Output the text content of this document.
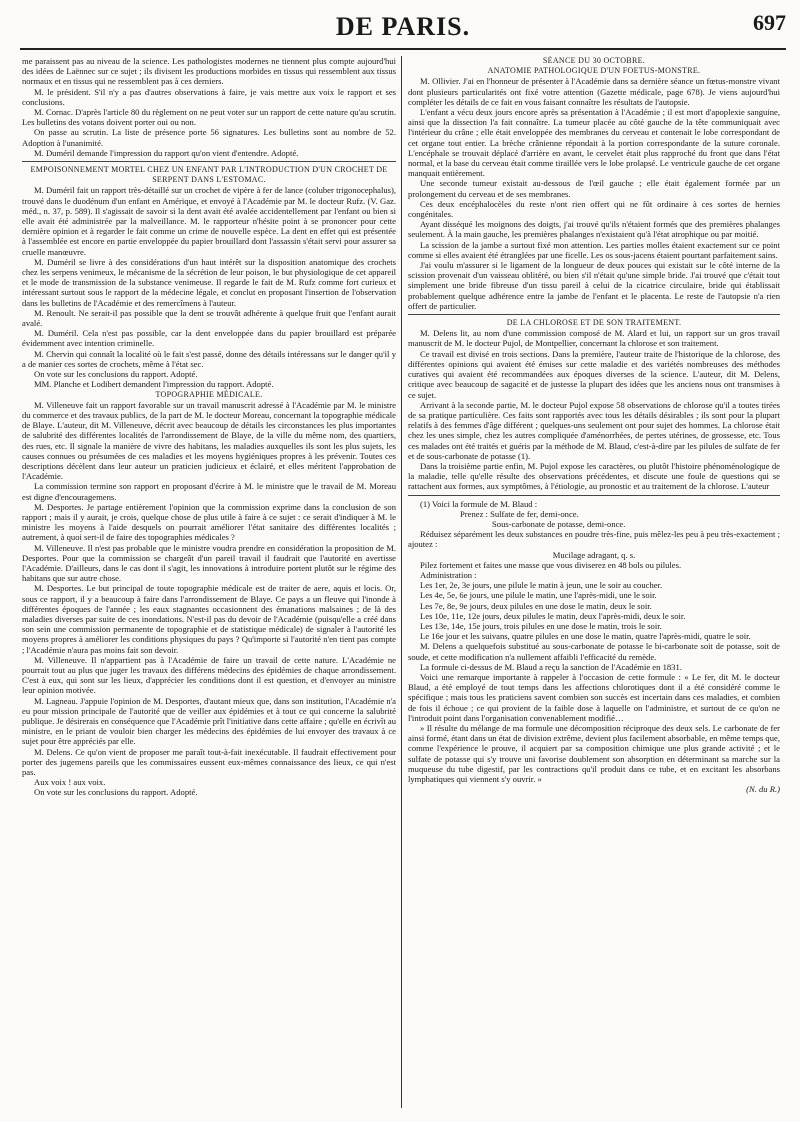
DE PARIS.	697

me paraissent pas au niveau de la science. Les pathologistes modernes ne tiennent plus compte aujourd'hui des idées de Laënnec sur ce sujet ; ils divisent les productions morbides en tissus qui ressemblent aux tissus normaux et en tissus qui ne ressemblent pas à ces derniers.

M. le président. S'il n'y a pas d'autres observations à faire, je vais mettre aux voix le rapport et ses conclusions.

M. Cornac. D'après l'article 80 du règlement on ne peut voter sur un rapport de cette nature qu'au scrutin. Les bulletins des votans doivent porter oui ou non.

On passe au scrutin. La liste de présence porte 56 signatures. Les bulletins sont au nombre de 52. Adoption à l'unanimité.

M. Duméril demande l'impression du rapport qu'on vient d'entendre. Adopté.

EMPOISONNEMENT MORTEL CHEZ UN ENFANT PAR L'INTRODUCTION D'UN CROCHET DE SERPENT DANS L'ESTOMAC.

M. Duméril fait un rapport très-détaillé sur un crochet de vipère à fer de lance (coluber trigonocephalus), trouvé dans le duodénum d'un enfant en Amérique, et envoyé à l'Académie par M. le docteur Rufz. (V. Gaz. méd., n. 37, p. 589). Il s'agissait de savoir si la dent avait été avalée accidentellement par l'enfant ou bien si elle avait été administrée par la malveillance. M. le rapporteur n'hésite point à se prononcer pour cette dernière opinion et à regarder le fait comme un crime de nouvelle espèce. La dent en effet qui est présentée à l'assemblée est encore en partie enveloppée du papier brouillard dont l'assassin s'était servi pour assurer sa cruelle manœuvre.

M. Duméril se livre à des considérations d'un haut intérêt sur la disposition anatomique des crochets chez les serpens venimeux, le mécanisme de la sécrétion de leur poison, le but physiologique de cet appareil et le mode de transmission de la substance venimeuse. Il regarde le fait de M. Rufz comme fort curieux et intéressant surtout sous le rapport de la médecine légale, et conclut en proposant l'insertion de l'observation dans les bulletins de l'Académie et des remercîmens à l'auteur.

M. Renoult. Ne serait-il pas possible que la dent se trouvât adhérente à quelque fruit que l'enfant aurait avalé.

M. Duméril. Cela n'est pas possible, car la dent enveloppée dans du papier brouillard est préparée évidemment avec intention criminelle.

M. Chervin qui connaît la localité où le fait s'est passé, donne des détails intéressans sur le danger qu'il y a de manier ces sortes de crochets, même à l'état sec.

On vote sur les conclusions du rapport. Adopté.

MM. Planche et Lodibert demandent l'impression du rapport. Adopté.

TOPOGRAPHIE MÉDICALE.

M. Villeneuve fait un rapport favorable sur un travail manuscrit adressé à l'Académie par M. le ministre du commerce et des travaux publics, de la part de M. le docteur Moreau, concernant la topographie médicale de Blaye. L'auteur, dit M. Villeneuve, décrit avec beaucoup de détails les circonstances les plus importantes de salubrité des différentes localités de l'arrondissement de Blaye, de la ville du même nom, des quartiers, des rues, etc. Il signale la manière de vivre des habitans, les maladies auxquelles ils sont les plus sujets, les causes connues ou présumées de ces maladies et les moyens hygiéniques propres à les prévenir. Toutes ces descriptions décèlent dans leur auteur un praticien judicieux et éclairé, et elles méritent l'approbation de l'Académie.

La commission termine son rapport en proposant d'écrire à M. le ministre que le travail de M. Moreau est digne d'encouragemens.

M. Desportes. Je partage entièrement l'opinion que la commission exprime dans la conclusion de son rapport ; mais il y aurait, je crois, quelque chose de plus utile à faire à ce sujet : ce serait d'indiquer à M. le ministre les moyens à l'aide desquels on pourrait améliorer l'état sanitaire des différentes localités ; autrement, à quoi sert-il de faire des topographies médicales ?

M. Villeneuve. Il n'est pas probable que le ministre voudra prendre en considération la proposition de M. Desportes. Pour que la commission se chargeât d'un pareil travail il faudrait que l'autorité en avertisse l'Académie. D'ailleurs, dans le cas dont il s'agit, les innovations à introduire portent plutôt sur le régime des habitans que sur autre chose.

M. Desportes. Le but principal de toute topographie médicale est de traiter de aere, aquis et locis. Or, sous ce rapport, il y a beaucoup à faire dans l'arrondissement de Blaye. Ce pays a un fleuve qui l'inonde à différentes époques de l'année ; les eaux stagnantes occasionnent des émanations malsaines ; de là des maladies diverses par suite de ces inondations. N'est-il pas du devoir de l'Académie (puisqu'elle a créé dans son sein une commission permanente de topographie et de statistique médicale) de signaler à l'autorité les moyens propres à améliorer les conditions physiques du pays ? Qu'importe si l'autorité n'en tient pas compte ; l'Académie n'aura pas moins fait son devoir.

M. Villeneuve. Il n'appartient pas à l'Académie de faire un travail de cette nature. L'Académie ne pourrait tout au plus que juger les travaux des différens médecins des épidémies de chaque arrondissement. C'est à eux, qui sont sur les lieux, d'apprécier les conditions dont il est question, et d'envoyer au ministre leur opinion motivée.

M. Lagneau. J'appuie l'opinion de M. Desportes, d'autant mieux que, dans son institution, l'Académie n'a eu pour mission principale de l'autorité que de veiller aux épidémies et à tout ce qui concerne la salubrité publique. Je désirerais en conséquence que l'Académie prît l'initiative dans cette affaire ; qu'elle en écrivît au ministre, en le priant de vouloir bien charger les médecins des épidémies de lui envoyer des travaux à ce sujet pour être appréciés par elle.

M. Delens. Ce qu'on vient de proposer me paraît tout-à-fait inexécutable. Il faudrait effectivement pour porter des jugemens pareils que les commissaires eussent eux-mêmes connaissance des lieux, ce qui n'est pas.

Aux voix ! aux voix.

On vote sur les conclusions du rapport. Adopté.

SÉANCE DU 30 OCTOBRE.

ANATOMIE PATHOLOGIQUE D'UN FOETUS-MONSTRE.

M. Ollivier. J'ai en l'honneur de présenter à l'Académie dans sa dernière séance un fœtus-monstre vivant dont plusieurs particularités ont fixé votre attention (Gazette médicale, page 678). Je viens aujourd'hui compléter les détails de ce fait en vous faisant connaître les résultats de l'autopsie.

L'enfant a vécu deux jours encore après sa présentation à l'Académie ; il est mort d'apoplexie sanguine, ainsi que la dissection l'a fait connaître. La tumeur placée au côté gauche de la tête communiquait avec l'intérieur du crâne ; elle était enveloppée des membranes du cerveau et contenait le lobe correspondant de cet organe tout entier. La brèche crânienne répondait à la portion correspondante de la suture coronale. L'encéphale se trouvait déplacé d'arrière en avant, le cervelet était plus rapproché du front que dans l'état normal, et la base du cerveau était comme tiraillée vers le lobe prolapsé. Le ventricule gauche de cet organe manquait entièrement.

Une seconde tumeur existait au-dessous de l'œil gauche ; elle était également formée par un prolongement du cerveau et de ses membranes.

Ces deux encéphalocèles du reste n'ont rien offert qui ne fût ordinaire à ces sortes de hernies congénitales.

Ayant disséqué les moignons des doigts, j'ai trouvé qu'ils n'étaient formés que des premières phalanges seulement. À la main gauche, les premières phalanges n'existaient qu'à l'état atrophique ou par moitié.

La scission de la jambe a surtout fixé mon attention. Les parties molles étaient exactement sur ce point comme si elles avaient été étranglées par une ficelle. Les os sous-jacens étaient pourtant parfaitement sains.

J'ai voulu m'assurer si le ligament de la longueur de deux pouces qui existait sur le côté interne de la scission provenait d'un vaisseau oblitéré, ou bien s'il n'était qu'une simple bride. J'ai trouvé que c'était tout simplement une bride fibreuse d'un tissu pareil à celui de la cicatrice circulaire, bride qui établissait probablement quelque adhérence entre la jambe de l'enfant et le placenta. Le reste de l'autopsie n'a rien offert de particulier.

DE LA CHLOROSE ET DE SON TRAITEMENT.

M. Delens lit, au nom d'une commission composé de M. Alard et lui, un rapport sur un gros travail manuscrit de M. le docteur Pujol, de Montpellier, concernant la chlorose et son traitement.

Ce travail est divisé en trois sections. Dans la première, l'auteur traite de l'historique de la chlorose, des différentes opinions qui avaient été émises sur cette maladie et des variétés nombreuses des méthodes curatives qui avaient été recommandées aux époques diverses de la science. L'auteur, dit M. Delens, critique avec beaucoup de sagacité et de justesse la plupart des idées que les anciens nous ont transmises à ce sujet.

Arrivant à la seconde partie, M. le docteur Pujol expose 58 observations de chlorose qu'il a toutes tirées de sa pratique particulière. Ces faits sont rapportés avec tous les détails désirables ; ils sont pour la plupart relatifs à des femmes d'âge différent ; quelques-uns seulement ont pour sujet des hommes. La chlorose était chez les unes simple, chez les autres compliquée d'aménorrhées, de pertes utérines, de grossesse, etc. Tous ces malades ont été traités et guéris par la méthode de M. Blaud, c'est-à-dire par les pilules de sulfate de fer et de sous-carbonate de potasse (1).

Dans la troisième partie enfin, M. Pujol expose les caractères, ou plutôt l'histoire phénoménologique de la maladie, telle qu'elle résulte des observations précédentes, et discute une foule de questions qui se rattachent aux formes, aux symptômes, à l'étiologie, au pronostic et au traitement de la chlorose. L'auteur

(1) Voici la formule de M. Blaud :

Prenez : Sulfate de fer, demi-once.

Sous-carbonate de potasse, demi-once.

Réduisez séparément les deux substances en poudre très-fine, puis mêlez-les peu à peu très-exactement ; ajoutez :

Mucilage adragant, q. s.

Pilez fortement et faites une masse que vous diviserez en 48 bols ou pilules.

Administration :

Les 1er, 2e, 3e jours, une pilule le matin à jeun, une le soir au coucher.

Les 4e, 5e, 6e jours, une pilule le matin, une l'après-midi, une le soir.

Les 7e, 8e, 9e jours, deux pilules en une dose le matin, deux le soir.

Les 10e, 11e, 12e jours, deux pilules le matin, deux l'après-midi, deux le soir.

Les 13e, 14e, 15e jours, trois pilules en une dose le matin, trois le soir.

Le 16e jour et les suivans, quatre pilules en une dose le matin, quatre l'après-midi, quatre le soir.

M. Delens a quelquefois substitué au sous-carbonate de potasse le bi-carbonate soit de potasse, soit de soude, et cette modification n'a nullement affaibli l'efficacité du remède.

La formule ci-dessus de M. Blaud a reçu la sanction de l'Académie en 1831.

Voici une remarque importante à rappeler à l'occasion de cette formule : « Le fer, dit M. le docteur Blaud, a été employé de tout temps dans les affections chlorotiques dont il a été considéré comme le spécifique ; mais tous les praticiens savent combien son succès est incertain dans ces maladies, et combien de fois il échoue ; ce qui provient de la faible dose à laquelle on l'administre, et surtout de ce qu'on ne l'introduit point dans l'organisation convenablement modifié…

» Il résulte du mélange de ma formule une décomposition réciproque des deux sels. Le carbonate de fer ainsi formé, étant dans un état de division extrême, devient plus facilement absorbable, en même temps que, comme l'expérience le prouve, il acquiert par sa composition chimique une plus grande activité ; et le sulfate de potasse qui s'y trouve uni favorise doublement son absorption en déterminant sa marche sur la muqueuse du tube digestif, par les contractions qu'il produit dans ce tube, et en excitant les absorbans lymphatiques qui viennent s'y ouvrir. »

(N. du R.)
